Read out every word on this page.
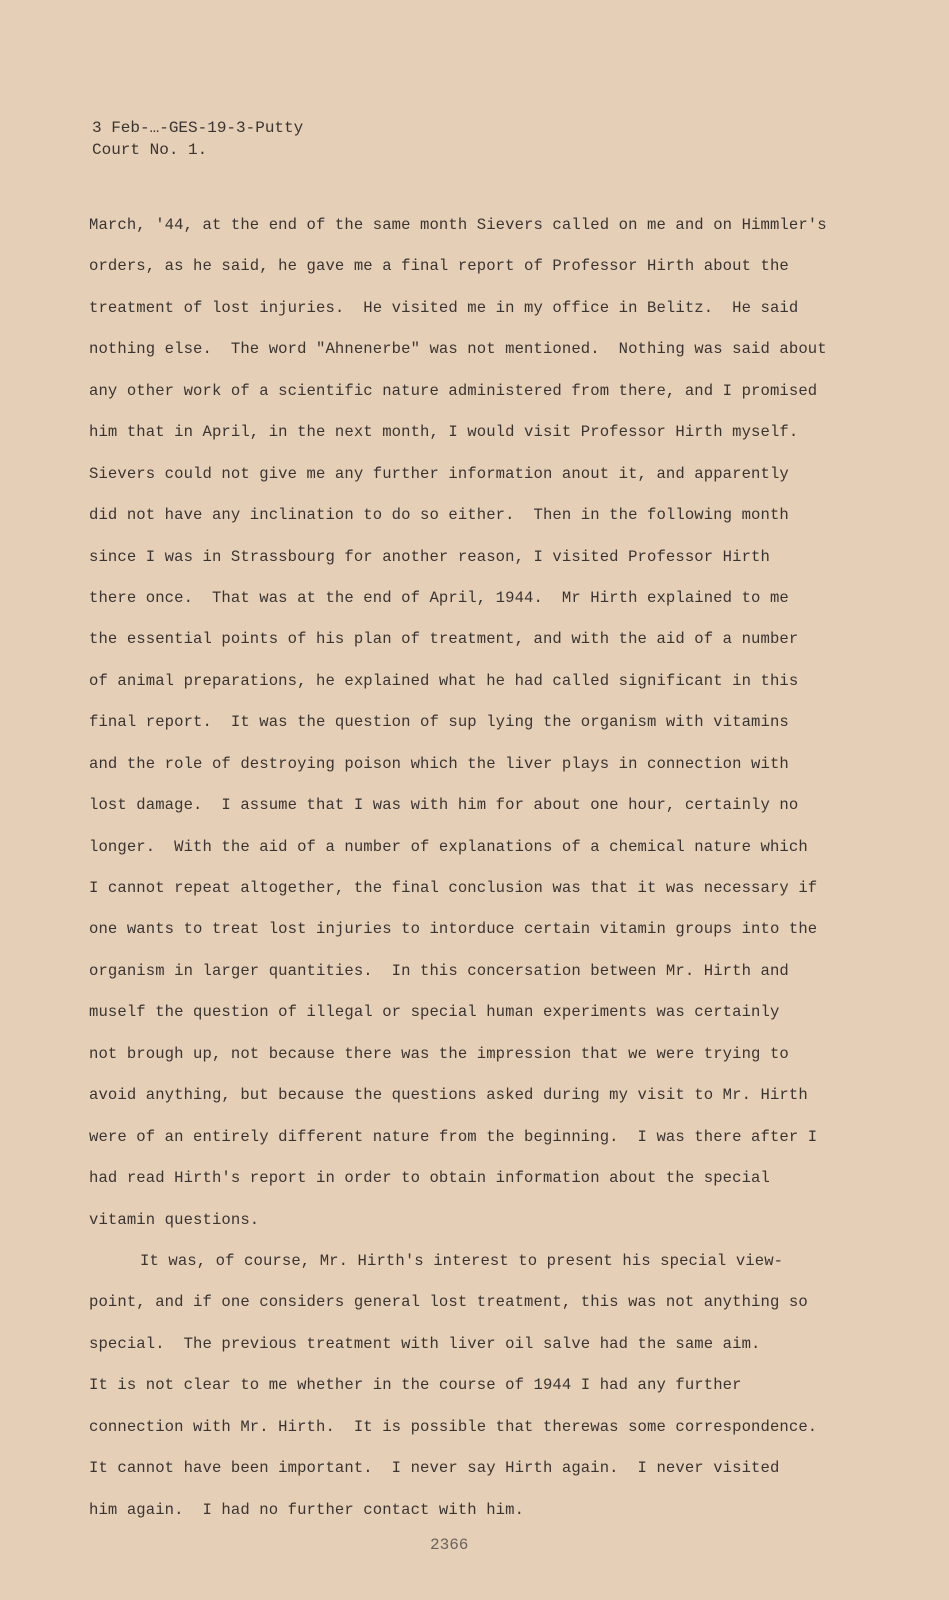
3 Feb-…-GES-19-3-Putty
Court No. 1.
March, '44, at the end of the same month Sievers called on me and on Himmler's
orders, as he said, he gave me a final report of Professor Hirth about the
treatment of lost injuries.  He visited me in my office in Belitz.  He said
nothing else.  The word "Ahnenerbe" was not mentioned.  Nothing was said about
any other work of a scientific nature administered from there, and I promised
him that in April, in the next month, I would visit Professor Hirth myself.
Sievers could not give me any further information anout it, and apparently
did not have any inclination to do so either.  Then in the following month
since I was in Strassbourg for another reason, I visited Professor Hirth
there once.  That was at the end of April, 1944.  Mr Hirth explained to me
the essential points of his plan of treatment, and with the aid of a number
of animal preparations, he explained what he had called significant in this
final report.  It was the question of sup lying the organism with vitamins
and the role of destroying poison which the liver plays in connection with
lost damage.  I assume that I was with him for about one hour, certainly no
longer.  With the aid of a number of explanations of a chemical nature which
I cannot repeat altogether, the final conclusion was that it was necessary if
one wants to treat lost injuries to intorduce certain vitamin groups into the
organism in larger quantities.  In this concersation between Mr. Hirth and
muself the question of illegal or special human experiments was certainly
not brough up, not because there was the impression that we were trying to
avoid anything, but because the questions asked during my visit to Mr. Hirth
were of an entirely different nature from the beginning.  I was there after I
had read Hirth's report in order to obtain information about the special
vitamin questions.
It was, of course, Mr. Hirth's interest to present his special view-
point, and if one considers general lost treatment, this was not anything so
special.  The previous treatment with liver oil salve had the same aim.
It is not clear to me whether in the course of 1944 I had any further
connection with Mr. Hirth.  It is possible that therewas some correspondence.
It cannot have been important.  I never say Hirth again.  I never visited
him again.  I had no further contact with him.
2366
